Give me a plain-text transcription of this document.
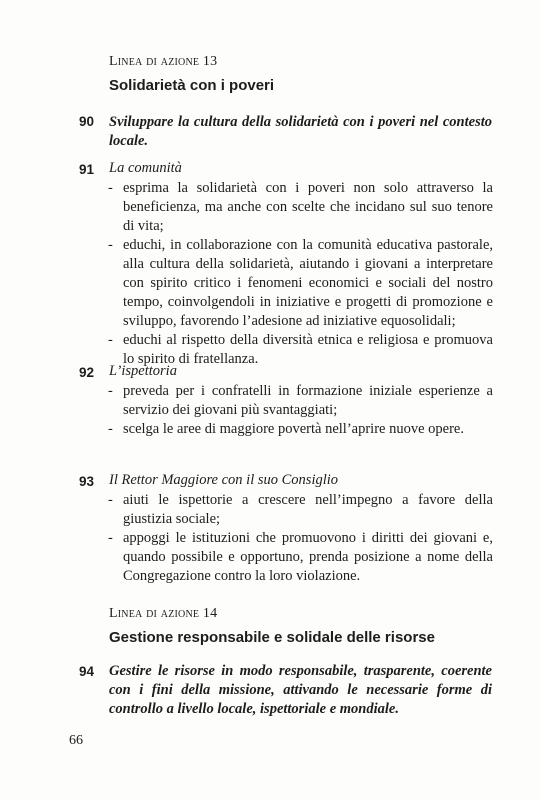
Linea di azione 13
Solidarietà con i poveri
90 Sviluppare la cultura della solidarietà con i poveri nel contesto locale.
91 La comunità
- esprima la solidarietà con i poveri non solo attraverso la beneficienza, ma anche con scelte che incidano sul suo tenore di vita;
- educhi, in collaborazione con la comunità educativa pastorale, alla cultura della solidarietà, aiutando i giovani a interpretare con spirito critico i fenomeni economici e sociali del nostro tempo, coinvolgendoli in iniziative e progetti di promozione e sviluppo, favorendo l’adesione ad iniziative equosolidali;
- educhi al rispetto della diversità etnica e religiosa e promuova lo spirito di fratellanza.
92 L’ispettoria
- preveda per i confratelli in formazione iniziale esperienze a servizio dei giovani più svantaggiati;
- scelga le aree di maggiore povertà nell’aprire nuove opere.
93 Il Rettor Maggiore con il suo Consiglio
- aiuti le ispettorie a crescere nell’impegno a favore della giustizia sociale;
- appoggi le istituzioni che promuovono i diritti dei giovani e, quando possibile e opportuno, prenda posizione a nome della Congregazione contro la loro violazione.
Linea di azione 14
Gestione responsabile e solidale delle risorse
94 Gestire le risorse in modo responsabile, trasparente, coerente con i fini della missione, attivando le necessarie forme di controllo a livello locale, ispettoriale e mondiale.
66
